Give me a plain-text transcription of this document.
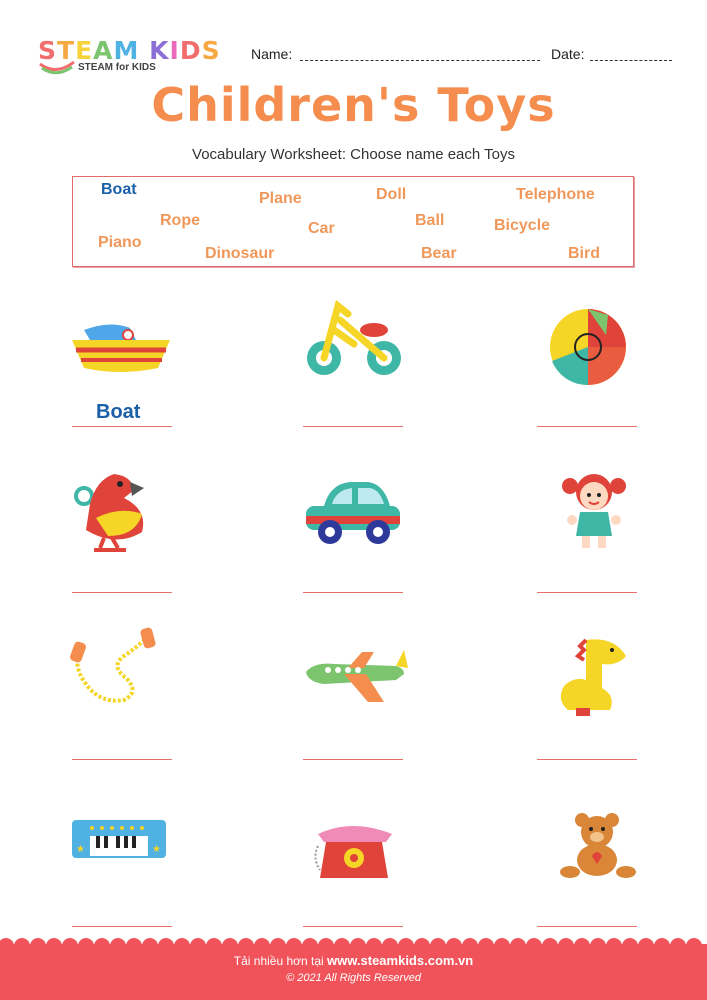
STEAM KIDS
STEAM for KIDS
Name:	Date:
Children's Toys
Vocabulary Worksheet: Choose name each Toys
Boat
Plane	Doll	Telephone
Rope	Car	Ball	Bicycle
Piano
Dinosaur	Bear	Bird
Boat
★	★
Tải nhiều hơn tại www.steamkids.com.vn
© 2021 All Rights Reserved
